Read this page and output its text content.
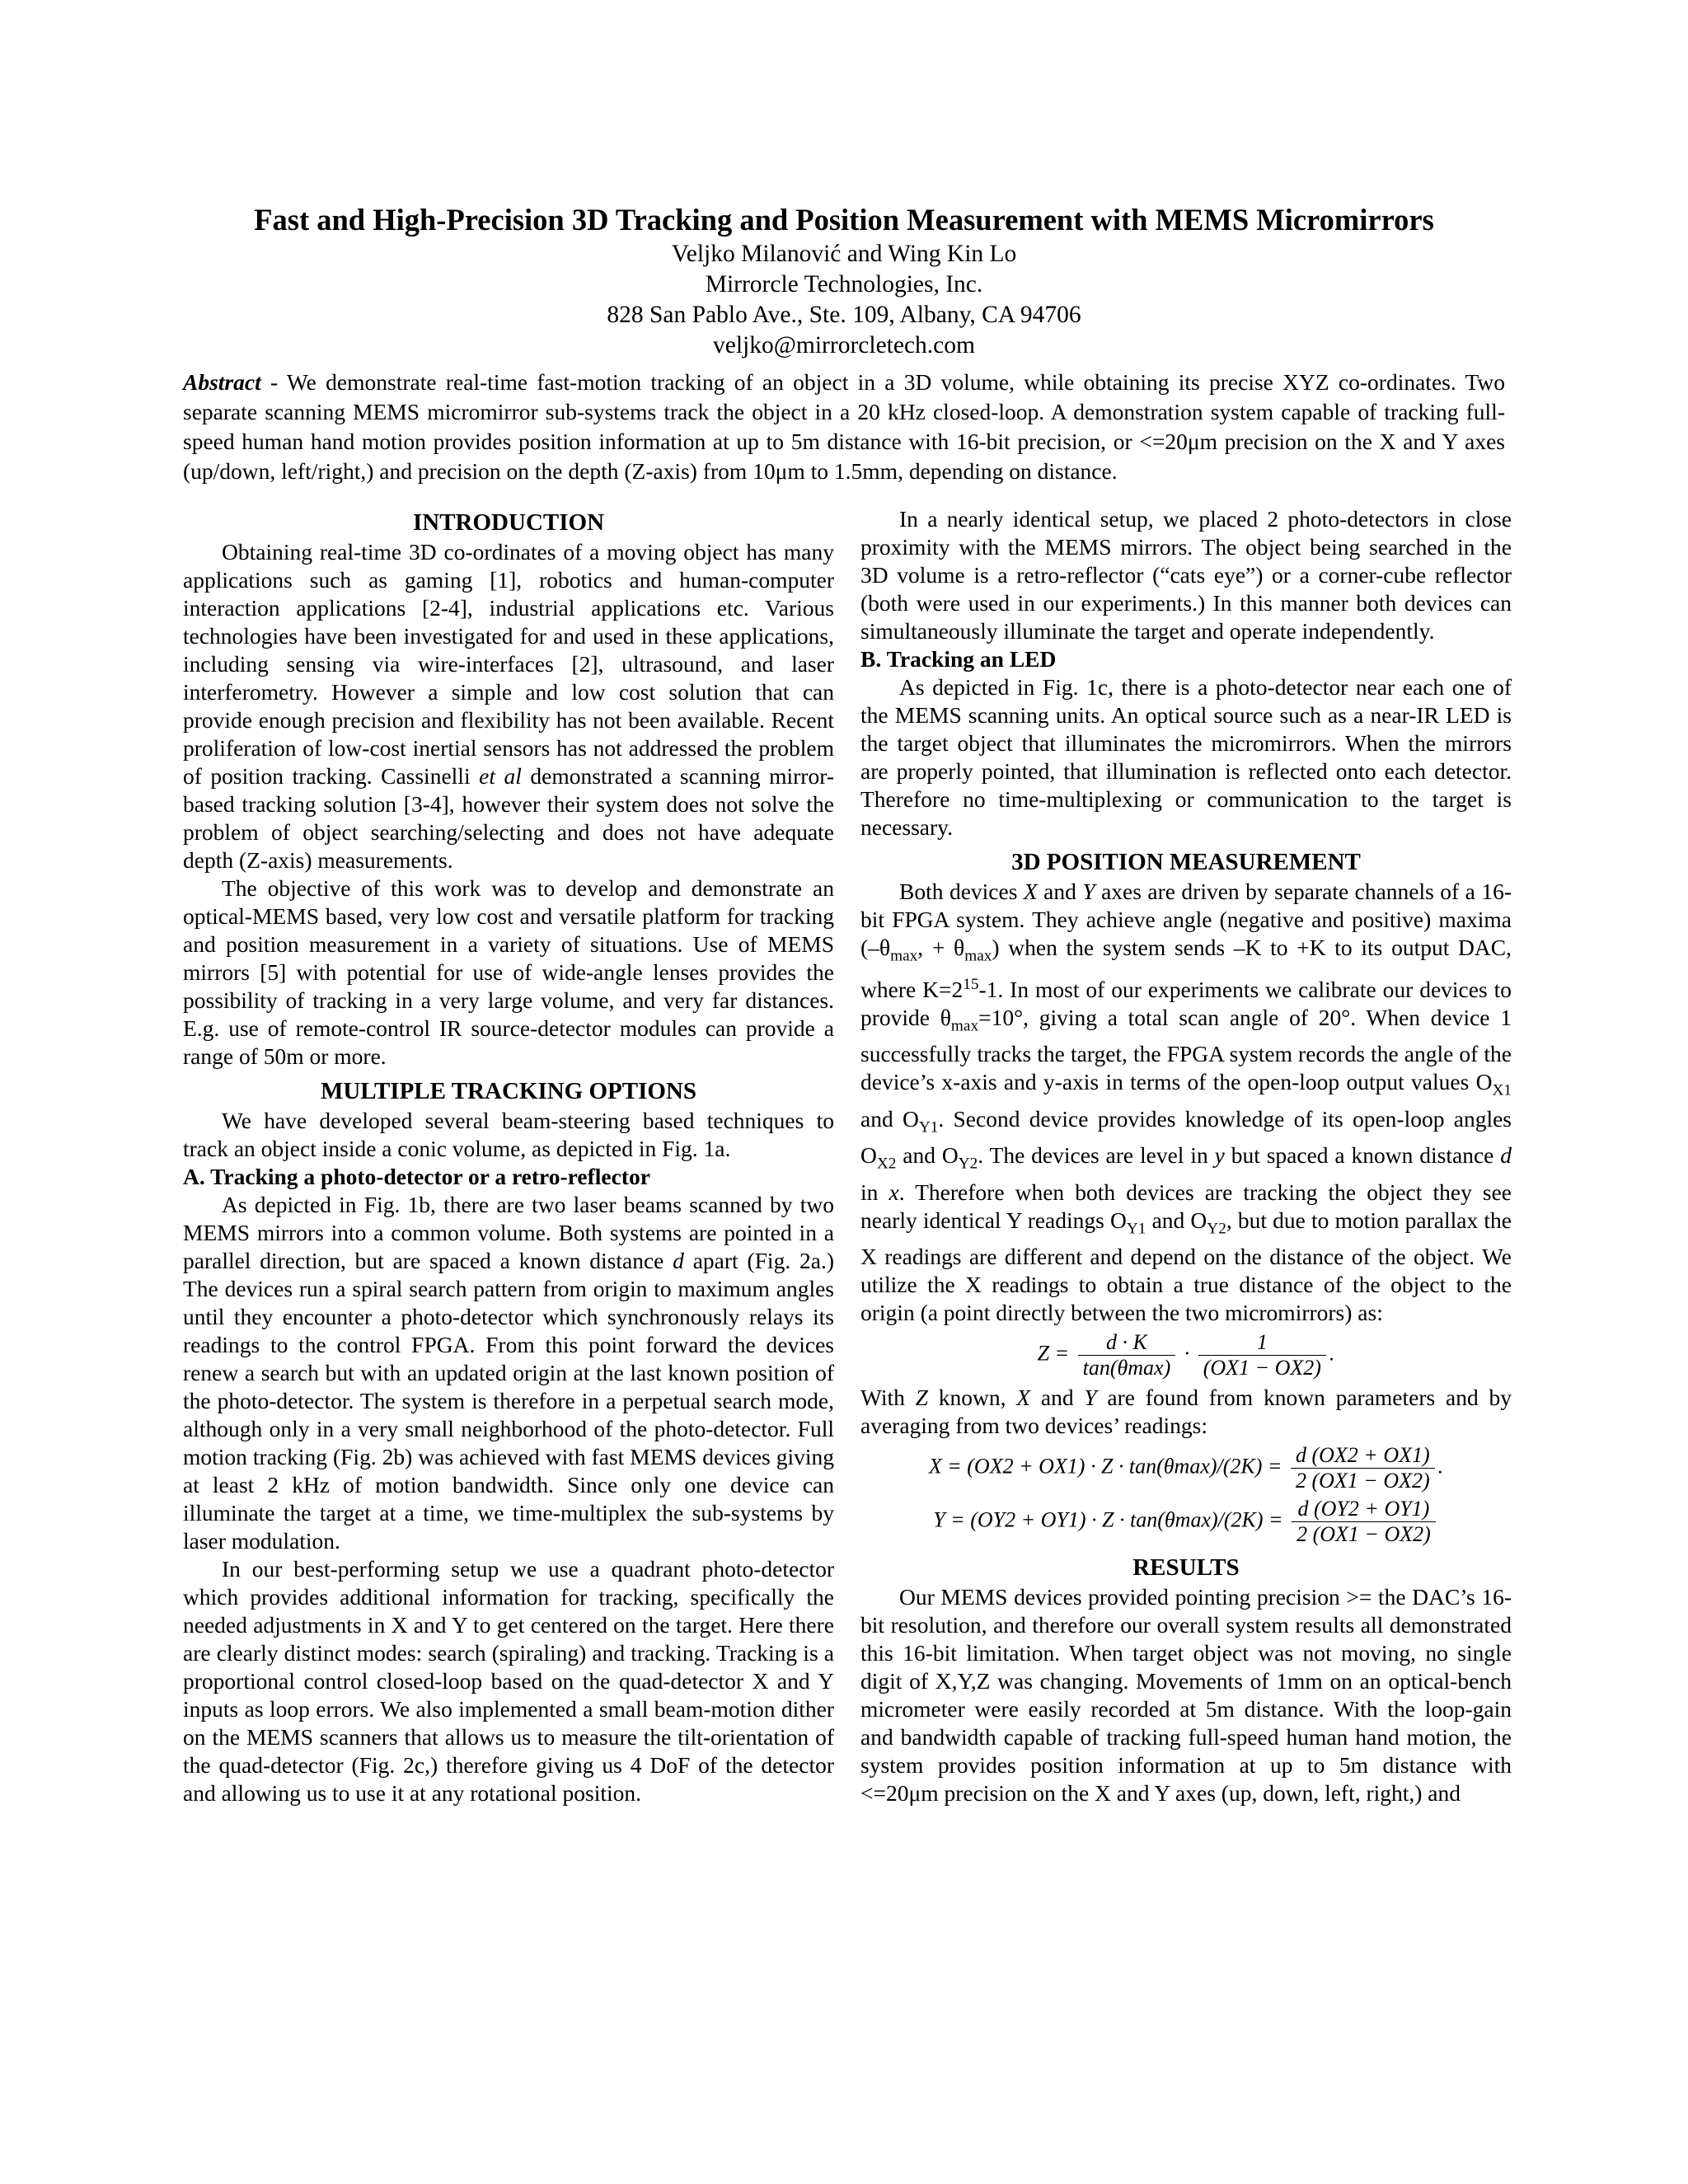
Fast and High-Precision 3D Tracking and Position Measurement with MEMS Micromirrors
Veljko Milanović and Wing Kin Lo
Mirrorcle Technologies, Inc.
828 San Pablo Ave., Ste. 109, Albany, CA 94706
veljko@mirrorcletech.com
Abstract - We demonstrate real-time fast-motion tracking of an object in a 3D volume, while obtaining its precise XYZ co-ordinates. Two separate scanning MEMS micromirror sub-systems track the object in a 20 kHz closed-loop. A demonstration system capable of tracking full-speed human hand motion provides position information at up to 5m distance with 16-bit precision, or <=20μm precision on the X and Y axes (up/down, left/right,) and precision on the depth (Z-axis) from 10μm to 1.5mm, depending on distance.
INTRODUCTION

Obtaining real-time 3D co-ordinates of a moving object has many applications such as gaming [1], robotics and human-computer interaction applications [2-4], industrial applications etc. Various technologies have been investigated for and used in these applications, including sensing via wire-interfaces [2], ultrasound, and laser interferometry. However a simple and low cost solution that can provide enough precision and flexibility has not been available. Recent proliferation of low-cost inertial sensors has not addressed the problem of position tracking. Cassinelli et al demonstrated a scanning mirror-based tracking solution [3-4], however their system does not solve the problem of object searching/selecting and does not have adequate depth (Z-axis) measurements.

The objective of this work was to develop and demonstrate an optical-MEMS based, very low cost and versatile platform for tracking and position measurement in a variety of situations. Use of MEMS mirrors [5] with potential for use of wide-angle lenses provides the possibility of tracking in a very large volume, and very far distances. E.g. use of remote-control IR source-detector modules can provide a range of 50m or more.

MULTIPLE TRACKING OPTIONS

We have developed several beam-steering based techniques to track an object inside a conic volume, as depicted in Fig. 1a.

A. Tracking a photo-detector or a retro-reflector

As depicted in Fig. 1b, there are two laser beams scanned by two MEMS mirrors into a common volume. Both systems are pointed in a parallel direction, but are spaced a known distance d apart (Fig. 2a.) The devices run a spiral search pattern from origin to maximum angles until they encounter a photo-detector which synchronously relays its readings to the control FPGA. From this point forward the devices renew a search but with an updated origin at the last known position of the photo-detector. The system is therefore in a perpetual search mode, although only in a very small neighborhood of the photo-detector. Full motion tracking (Fig. 2b) was achieved with fast MEMS devices giving at least 2 kHz of motion bandwidth. Since only one device can illuminate the target at a time, we time-multiplex the sub-systems by laser modulation.

In our best-performing setup we use a quadrant photo-detector which provides additional information for tracking, specifically the needed adjustments in X and Y to get centered on the target. Here there are clearly distinct modes: search (spiraling) and tracking. Tracking is a proportional control closed-loop based on the quad-detector X and Y inputs as loop errors. We also implemented a small beam-motion dither on the MEMS scanners that allows us to measure the tilt-orientation of the quad-detector (Fig. 2c,) therefore giving us 4 DoF of the detector and allowing us to use it at any rotational position.

In a nearly identical setup, we placed 2 photo-detectors in close proximity with the MEMS mirrors. The object being searched in the 3D volume is a retro-reflector (“cats eye”) or a corner-cube reflector (both were used in our experiments.) In this manner both devices can simultaneously illuminate the target and operate independently.

B. Tracking an LED

As depicted in Fig. 1c, there is a photo-detector near each one of the MEMS scanning units. An optical source such as a near-IR LED is the target object that illuminates the micromirrors. When the mirrors are properly pointed, that illumination is reflected onto each detector. Therefore no time-multiplexing or communication to the target is necessary.

3D POSITION MEASUREMENT

Both devices X and Y axes are driven by separate channels of a 16-bit FPGA system. They achieve angle (negative and positive) maxima ($-\theta_{max}$, + $\theta_{max}$) when the system sends –K to +K to its output DAC, where $K=2^{15}-1$. In most of our experiments we calibrate our devices to provide $\theta_{max}=10^\circ$, giving a total scan angle of 20°. When device 1 successfully tracks the target, the FPGA system records the angle of the device’s x-axis and y-axis in terms of the open-loop output values $O_{X1}$ and $O_{Y1}$. Second device provides knowledge of its open-loop angles $O_{X2}$ and $O_{Y2}$. The devices are level in y but spaced a known distance d in x. Therefore when both devices are tracking the object they see nearly identical Y readings $O_{Y1}$ and $O_{Y2}$, but due to motion parallax the X readings are different and depend on the distance of the object. We utilize the X readings to obtain a true distance of the object to the origin (a point directly between the two micromirrors) as:

$Z = \frac{d \cdot K}{\tan(\theta\max)} \cdot \frac{1}{(OX1 - OX2)}$ .

With Z known, X and Y are found from known parameters and by averaging from two devices’ readings:

$X = (OX2 + OX1) \cdot Z \cdot \tan(\theta\max)/(2K) = \frac{d (OX2 + OX1)}{2 (OX1 - OX2)}$ .
$Y = (OY2 + OY1) \cdot Z \cdot \tan(\theta\max)/(2K) = \frac{d (OY2 + OY1)}{2 (OX1 - OX2)}$
RESULTS

Our MEMS devices provided pointing precision >= the DAC’s 16-bit resolution, and therefore our overall system results all demonstrated this 16-bit limitation. When target object was not moving, no single digit of X,Y,Z was changing. Movements of 1mm on an optical-bench micrometer were easily recorded at 5m distance. With the loop-gain and bandwidth capable of tracking full-speed human hand motion, the system provides position information at up to 5m distance with <=20μm precision on the X and Y axes (up, down, left, right,) and
